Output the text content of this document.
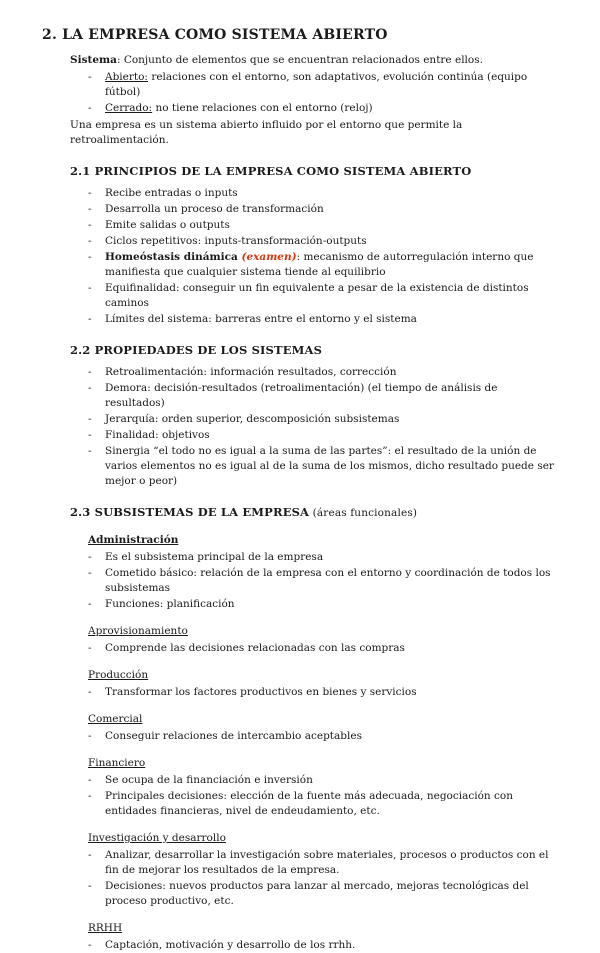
2. LA EMPRESA COMO SISTEMA ABIERTO

Sistema: Conjunto de elementos que se encuentran relacionados entre ellos.

- Abierto: relaciones con el entorno, son adaptativos, evolución continúa (equipo fútbol)
- Cerrado: no tiene relaciones con el entorno (reloj)

Una empresa es un sistema abierto influido por el entorno que permite la retroalimentación.

2.1 PRINCIPIOS DE LA EMPRESA COMO SISTEMA ABIERTO
- Recibe entradas o inputs
- Desarrolla un proceso de transformación
- Emite salidas o outputs
- Ciclos repetitivos: inputs-transformación-outputs
- Homeóstasis dinámica (examen): mecanismo de autorregulación interno que manifiesta que cualquier sistema tiende al equilibrio
- Equifinalidad: conseguir un fin equivalente a pesar de la existencia de distintos caminos
- Límites del sistema: barreras entre el entorno y el sistema
2.2 PROPIEDADES DE LOS SISTEMAS
- Retroalimentación: información resultados, corrección
- Demora: decisión-resultados (retroalimentación) (el tiempo de análisis de resultados)
- Jerarquía: orden superior, descomposición subsistemas
- Finalidad: objetivos
- Sinergia “el todo no es igual a la suma de las partes”: el resultado de la unión de varios elementos no es igual al de la suma de los mismos, dicho resultado puede ser mejor o peor)
2.3 SUBSISTEMAS DE LA EMPRESA (áreas funcionales)

Administración

- Es el subsistema principal de la empresa
- Cometido básico: relación de la empresa con el entorno y coordinación de todos los subsistemas
- Funciones: planificación

Aprovisionamiento

- Comprende las decisiones relacionadas con las compras

Producción

- Transformar los factores productivos en bienes y servicios

Comercial

- Conseguir relaciones de intercambio aceptables

Financiero

- Se ocupa de la financiación e inversión
- Principales decisiones: elección de la fuente más adecuada, negociación con entidades financieras, nivel de endeudamiento, etc.

Investigación y desarrollo

- Analizar, desarrollar la investigación sobre materiales, procesos o productos con el fin de mejorar los resultados de la empresa.
- Decisiones: nuevos productos para lanzar al mercado, mejoras tecnológicas del proceso productivo, etc.

RRHH

- Captación, motivación y desarrollo de los rrhh.
